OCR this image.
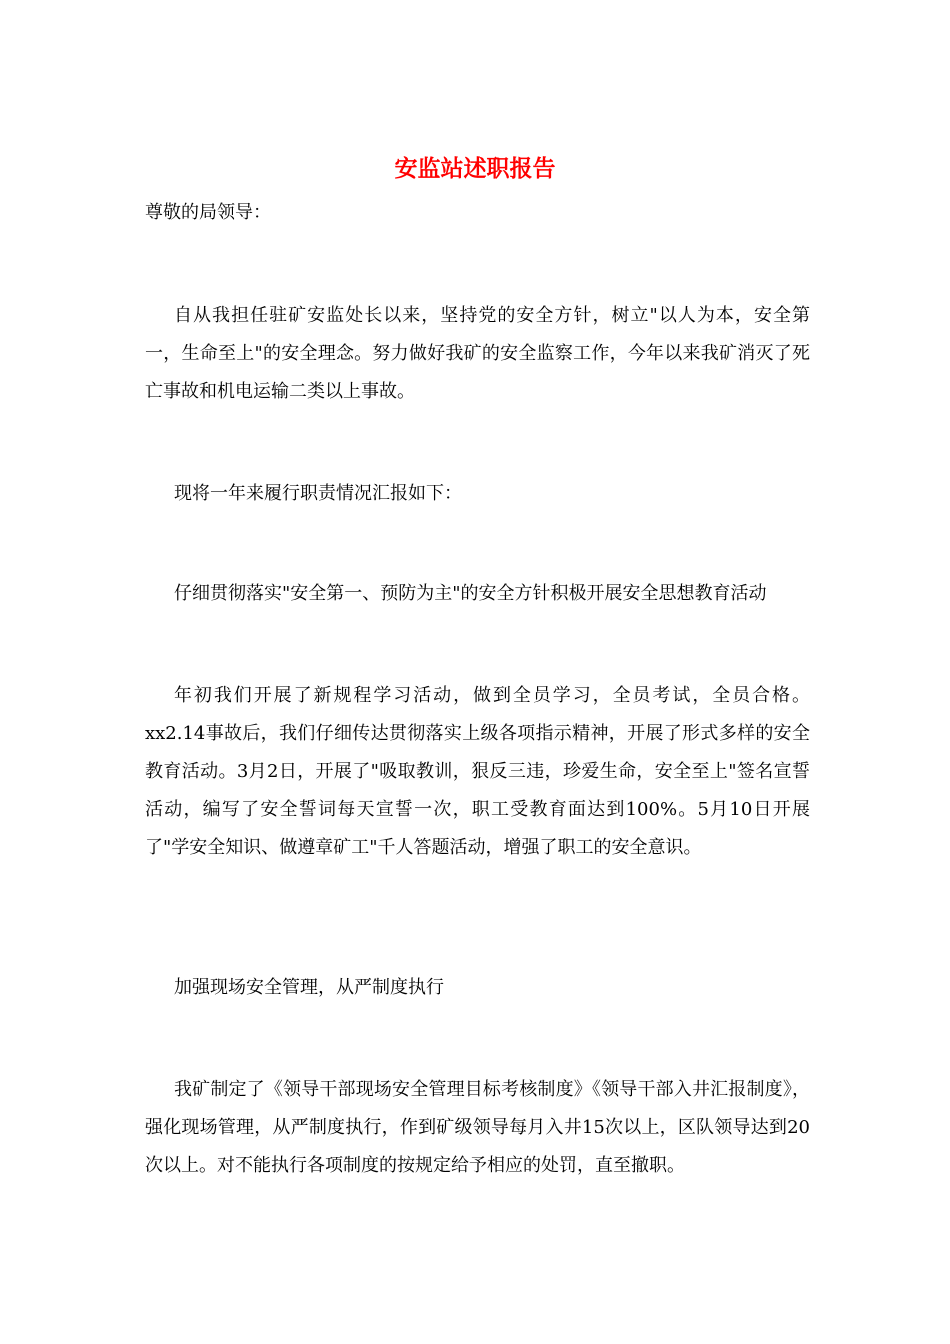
安监站述职报告
尊敬的局领导：

自从我担任驻矿安监处长以来，坚持党的安全方针，树立"以人为本，安全第一，生命至上"的安全理念。努力做好我矿的安全监察工作，今年以来我矿消灭了死亡事故和机电运输二类以上事故。

现将一年来履行职责情况汇报如下：

仔细贯彻落实"安全第一、预防为主"的安全方针积极开展安全思想教育活动

年初我们开展了新规程学习活动，做到全员学习，全员考试，全员合格。xx2.14事故后，我们仔细传达贯彻落实上级各项指示精神，开展了形式多样的安全教育活动。3月2日，开展了"吸取教训，狠反三违，珍爱生命，安全至上"签名宣誓活动，编写了安全誓词每天宣誓一次，职工受教育面达到100%。5月10日开展了"学安全知识、做遵章矿工"千人答题活动，增强了职工的安全意识。

加强现场安全管理，从严制度执行

我矿制定了《领导干部现场安全管理目标考核制度》《领导干部入井汇报制度》，强化现场管理，从严制度执行，作到矿级领导每月入井15次以上，区队领导达到20次以上。对不能执行各项制度的按规定给予相应的处罚，直至撤职。
